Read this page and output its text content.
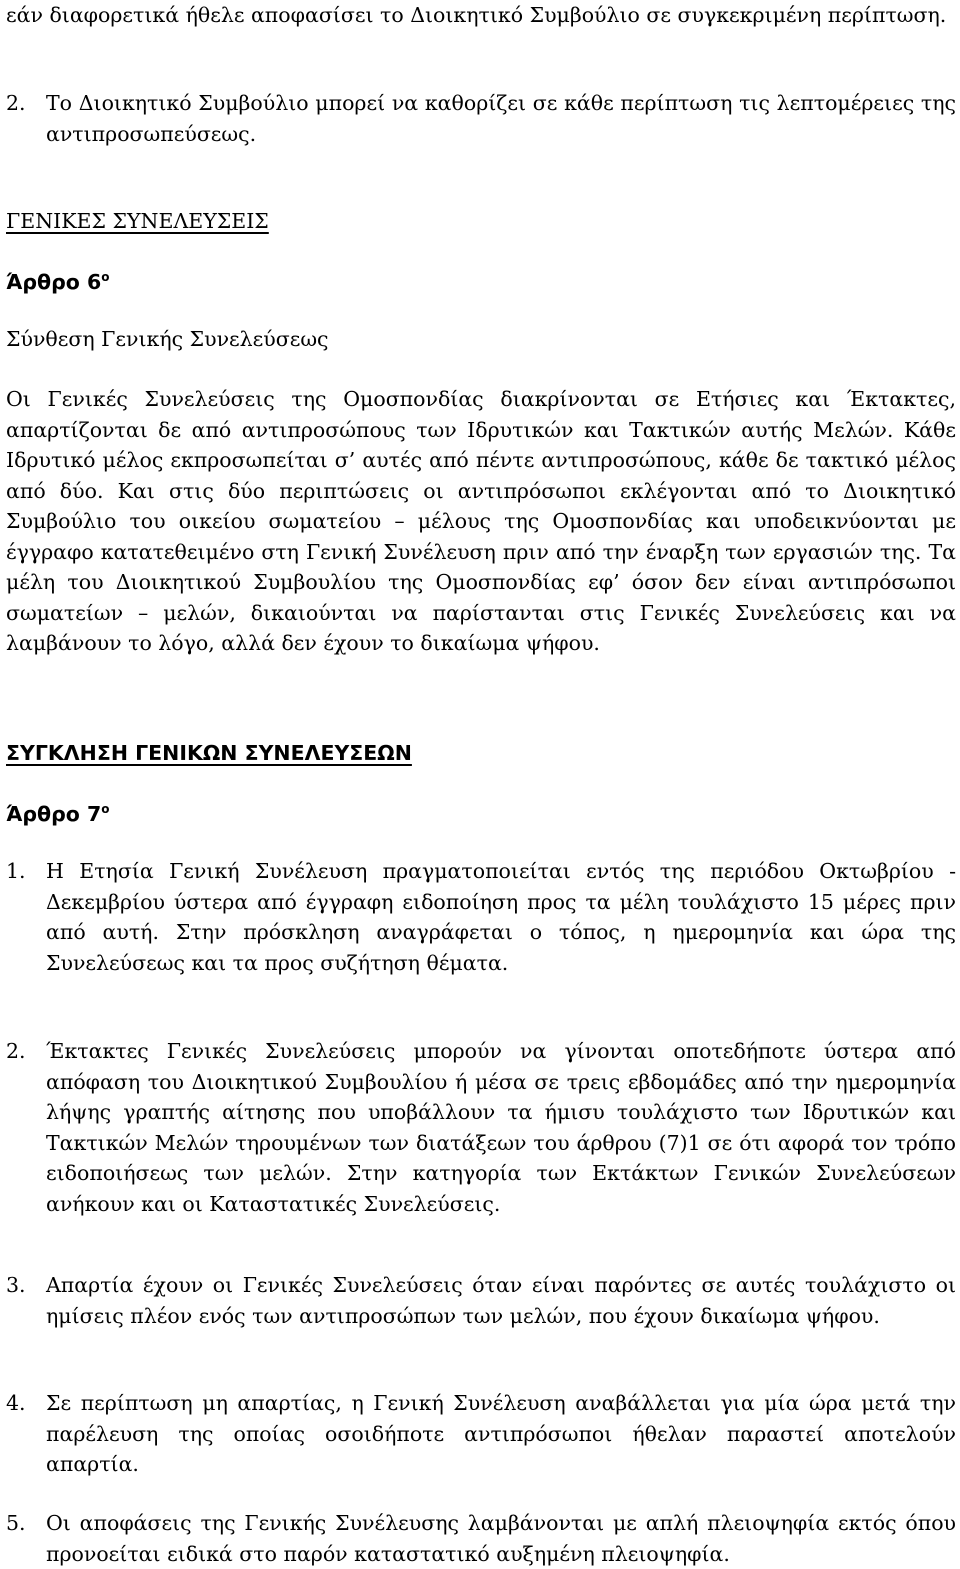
εάν διαφορετικά ήθελε αποφασίσει το Διοικητικό Συμβούλιο σε συγκεκριμένη περίπτωση.

2. Το Διοικητικό Συμβούλιο μπορεί να καθορίζει σε κάθε περίπτωση τις λεπτομέρειες της αντιπροσωπεύσεως.
ΓΕΝΙΚΕΣ ΣΥΝΕΛΕΥΣΕΙΣ
Άρθρο $6^o$
Σύνθεση Γενικής Συνελεύσεως

Οι Γενικές Συνελεύσεις της Ομοσπονδίας διακρίνονται σε Ετήσιες και Έκτακτες, απαρτίζονται δε από αντιπροσώπους των Ιδρυτικών και Τακτικών αυτής Μελών. Κάθε Ιδρυτικό μέλος εκπροσωπείται σ’ αυτές από πέντε αντιπροσώπους, κάθε δε τακτικό μέλος από δύο. Και στις δύο περιπτώσεις οι αντιπρόσωποι εκλέγονται από το Διοικητικό Συμβούλιο του οικείου σωματείου – μέλους της Ομοσπονδίας και υποδεικνύονται με έγγραφο κατατεθειμένο στη Γενική Συνέλευση πριν από την έναρξη των εργασιών της. Τα μέλη του Διοικητικού Συμβουλίου της Ομοσπονδίας εφ’ όσον δεν είναι αντιπρόσωποι σωματείων – μελών, δικαιούνται να παρίστανται στις Γενικές Συνελεύσεις και να λαμβάνουν το λόγο, αλλά δεν έχουν το δικαίωμα ψήφου.

ΣΥΓΚΛΗΣΗ ΓΕΝΙΚΩΝ ΣΥΝΕΛΕΥΣΕΩΝ
Άρθρο $7^o$
1. Η Ετησία Γενική Συνέλευση πραγματοποιείται εντός της περιόδου Οκτωβρίου - Δεκεμβρίου ύστερα από έγγραφη ειδοποίηση προς τα μέλη τουλάχιστο 15 μέρες πριν από αυτή. Στην πρόσκληση αναγράφεται ο τόπος, η ημερομηνία και ώρα της Συνελεύσεως και τα προς συζήτηση θέματα.
2. Έκτακτες Γενικές Συνελεύσεις μπορούν να γίνονται οποτεδήποτε ύστερα από απόφαση του Διοικητικού Συμβουλίου ή μέσα σε τρεις εβδομάδες από την ημερομηνία λήψης γραπτής αίτησης που υποβάλλουν τα ήμισυ τουλάχιστο των Ιδρυτικών και Τακτικών Μελών τηρουμένων των διατάξεων του άρθρου (7)1 σε ότι αφορά τον τρόπο ειδοποιήσεως των μελών. Στην κατηγορία των Εκτάκτων Γενικών Συνελεύσεων ανήκουν και οι Καταστατικές Συνελεύσεις.
3. Απαρτία έχουν οι Γενικές Συνελεύσεις όταν είναι παρόντες σε αυτές τουλάχιστο οι ημίσεις πλέον ενός των αντιπροσώπων των μελών, που έχουν δικαίωμα ψήφου.
4. Σε περίπτωση μη απαρτίας, η Γενική Συνέλευση αναβάλλεται για μία ώρα μετά την παρέλευση της οποίας οσοιδήποτε αντιπρόσωποι ήθελαν παραστεί αποτελούν απαρτία.
5. Οι αποφάσεις της Γενικής Συνέλευσης λαμβάνονται με απλή πλειοψηφία εκτός όπου προνοείται ειδικά στο παρόν καταστατικό αυξημένη πλειοψηφία.
